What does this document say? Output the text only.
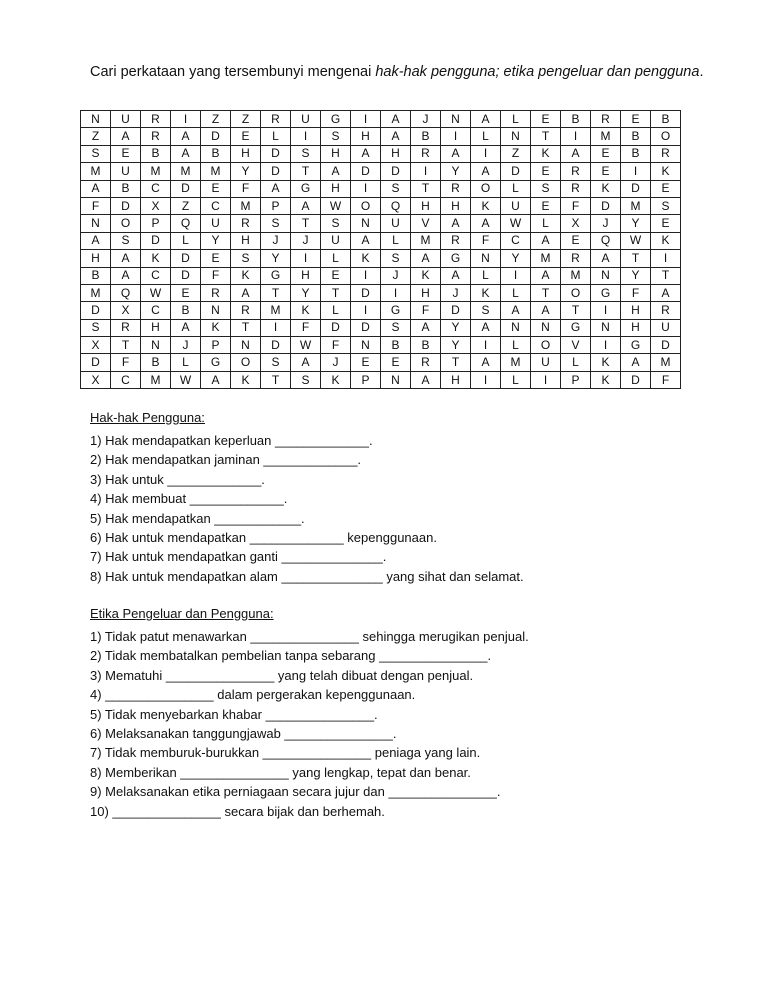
Cari perkataan yang tersembunyi mengenai hak-hak pengguna; etika pengeluar dan pengguna.
N	U	R	I	Z	Z	R	U	G	I	A	J	N	A	L	E	B	R	E	B
Z	A	R	A	D	E	L	I	S	H	A	B	I	L	N	T	I	M	B	O
S	E	B	A	B	H	D	S	H	A	H	R	A	I	Z	K	A	E	B	R
M	U	M	M	M	Y	D	T	A	D	D	I	Y	A	D	E	R	E	I	K
A	B	C	D	E	F	A	G	H	I	S	T	R	O	L	S	R	K	D	E
F	D	X	Z	C	M	P	A	W	O	Q	H	H	K	U	E	F	D	M	S
N	O	P	Q	U	R	S	T	S	N	U	V	A	A	W	L	X	J	Y	E
A	S	D	L	Y	H	J	J	U	A	L	M	R	F	C	A	E	Q	W	K
H	A	K	D	E	S	Y	I	L	K	S	A	G	N	Y	M	R	A	T	I
B	A	C	D	F	K	G	H	E	I	J	K	A	L	I	A	M	N	Y	T
M	Q	W	E	R	A	T	Y	T	D	I	H	J	K	L	T	O	G	F	A
D	X	C	B	N	R	M	K	L	I	G	F	D	S	A	A	T	I	H	R
S	R	H	A	K	T	I	F	D	D	S	A	Y	A	N	N	G	N	H	U
X	T	N	J	P	N	D	W	F	N	B	B	Y	I	L	O	V	I	G	D
D	F	B	L	G	O	S	A	J	E	E	R	T	A	M	U	L	K	A	M
X	C	M	W	A	K	T	S	K	P	N	A	H	I	L	I	P	K	D	F
Hak-hak Pengguna:
1) Hak mendapatkan keperluan _____________.
2) Hak mendapatkan jaminan _____________.
3) Hak untuk _____________.
4) Hak membuat _____________.
5) Hak mendapatkan ____________.
6) Hak untuk mendapatkan _____________ kepenggunaan.
7) Hak untuk mendapatkan ganti ______________.
8) Hak untuk mendapatkan alam ______________ yang sihat dan selamat.
Etika Pengeluar dan Pengguna:
1) Tidak patut menawarkan _______________ sehingga merugikan penjual.
2) Tidak membatalkan pembelian tanpa sebarang _______________.
3) Mematuhi _______________ yang telah dibuat dengan penjual.
4) _______________ dalam pergerakan kepenggunaan.
5) Tidak menyebarkan khabar _______________.
6) Melaksanakan tanggungjawab _______________.
7) Tidak memburuk-burukkan _______________ peniaga yang lain.
8) Memberikan _______________ yang lengkap, tepat dan benar.
9) Melaksanakan etika perniagaan secara jujur dan _______________.
10) _______________ secara bijak dan berhemah.
